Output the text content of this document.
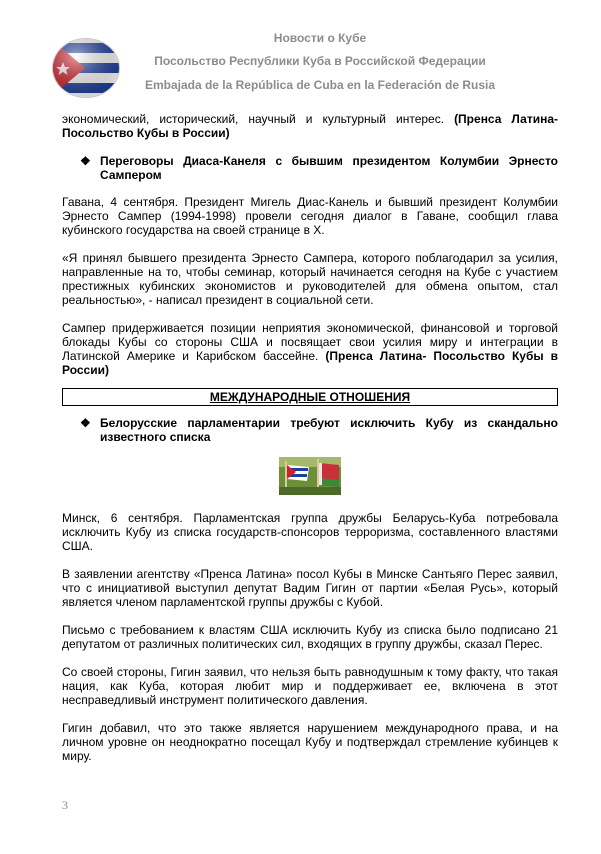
Новости о Кубе
Посольство Республики Куба в Российской Федерации
Embajada de la República de Cuba en la Federación de Rusia

экономический, исторический, научный и культурный интерес. (Пренса Латина- Посольство Кубы в России)

❖ Переговоры Диаса-Канеля с бывшим президентом Колумбии Эрнесто Сампером

Гавана, 4 сентября. Президент Мигель Диас-Канель и бывший президент Колумбии Эрнесто Сампер (1994-1998) провели сегодня диалог в Гаване, сообщил глава кубинского государства на своей странице в Х.

«Я принял бывшего президента Эрнесто Сампера, которого поблагодарил за усилия, направленные на то, чтобы семинар, который начинается сегодня на Кубе с участием престижных кубинских экономистов и руководителей для обмена опытом, стал реальностью», - написал президент в социальной сети.

Сампер придерживается позиции неприятия экономической, финансовой и торговой блокады Кубы со стороны США и посвящает свои усилия миру и интеграции в Латинской Америке и Карибском бассейне. (Пренса Латина- Посольство Кубы в России)

МЕЖДУНАРОДНЫЕ ОТНОШЕНИЯ
❖ Белорусские парламентарии требуют исключить Кубу из скандально известного списка

Минск, 6 сентября. Парламентская группа дружбы Беларусь-Куба потребовала исключить Кубу из списка государств-спонсоров терроризма, составленного властями США.

В заявлении агентству «Пренса Латина» посол Кубы в Минске Сантьяго Перес заявил, что с инициативой выступил депутат Вадим Гигин от партии «Белая Русь», который является членом парламентской группы дружбы с Кубой.

Письмо с требованием к властям США исключить Кубу из списка было подписано 21 депутатом от различных политических сил, входящих в группу дружбы, сказал Перес.

Со своей стороны, Гигин заявил, что нельзя быть равнодушным к тому факту, что такая нация, как Куба, которая любит мир и поддерживает ее, включена в этот несправедливый инструмент политического давления.

Гигин добавил, что это также является нарушением международного права, и на личном уровне он неоднократно посещал Кубу и подтверждал стремление кубинцев к миру.

3
